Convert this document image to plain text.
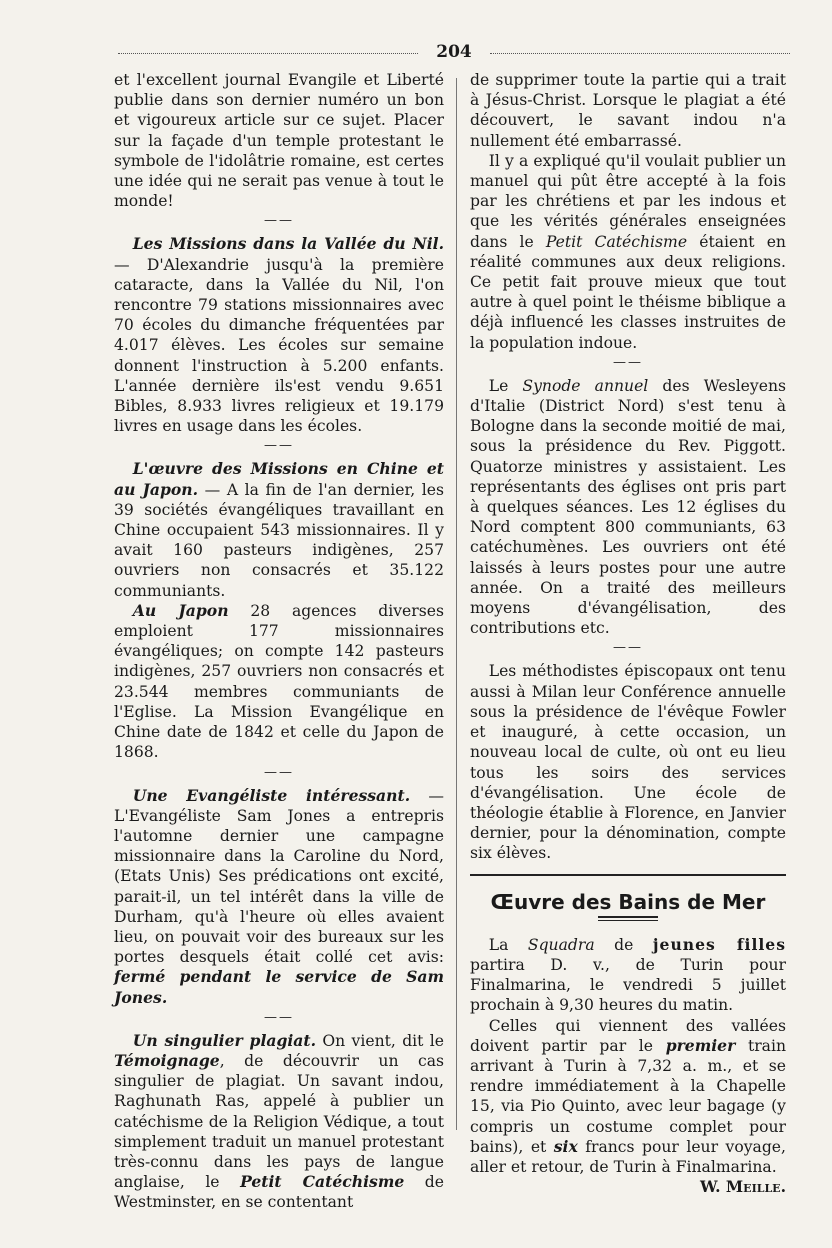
204

et l'excellent journal Evangile et Liberté publie dans son dernier numéro un bon et vigoureux article sur ce sujet. Placer sur la façade d'un temple protestant le symbole de l'idolâtrie romaine, est certes une idée qui ne serait pas venue à tout le monde!

——

Les Missions dans la Vallée du Nil. — D'Alexandrie jusqu'à la première cataracte, dans la Vallée du Nil, l'on rencontre 79 stations missionnaires avec 70 écoles du dimanche fréquentées par 4.017 élèves. Les écoles sur semaine donnent l'instruction à 5.200 enfants. L'année dernière ils'est vendu 9.651 Bibles, 8.933 livres religieux et 19.179 livres en usage dans les écoles.

——

L'œuvre des Missions en Chine et au Japon. — A la fin de l'an dernier, les 39 sociétés évangéliques travaillant en Chine occupaient 543 missionnaires. Il y avait 160 pasteurs indigènes, 257 ouvriers non consacrés et 35.122 communiants.

Au Japon 28 agences diverses emploient 177 missionnaires évangéliques; on compte 142 pasteurs indigènes, 257 ouvriers non consacrés et 23.544 membres communiants de l'Eglise. La Mission Evangélique en Chine date de 1842 et celle du Japon de 1868.

——

Une Evangéliste intéressant. — L'Evangéliste Sam Jones a entrepris l'automne dernier une campagne missionnaire dans la Caroline du Nord, (Etats Unis) Ses prédications ont excité, parait-il, un tel intérêt dans la ville de Durham, qu'à l'heure où elles avaient lieu, on pouvait voir des bureaux sur les portes desquels était collé cet avis: fermé pendant le service de Sam Jones.

——

Un singulier plagiat. On vient, dit le Témoignage, de découvrir un cas singulier de plagiat. Un savant indou, Raghunath Ras, appelé à publier un catéchisme de la Religion Védique, a tout simplement traduit un manuel protestant très-connu dans les pays de langue anglaise, le Petit Catéchisme de Westminster, en se contentant

de supprimer toute la partie qui a trait à Jésus-Christ. Lorsque le plagiat a été découvert, le savant indou n'a nullement été embarrassé.

Il y a expliqué qu'il voulait publier un manuel qui pût être accepté à la fois par les chrétiens et par les indous et que les vérités générales enseignées dans le Petit Catéchisme étaient en réalité communes aux deux religions. Ce petit fait prouve mieux que tout autre à quel point le théisme biblique a déjà influencé les classes instruites de la population indoue.

——

Le Synode annuel des Wesleyens d'Italie (District Nord) s'est tenu à Bologne dans la seconde moitié de mai, sous la présidence du Rev. Piggott. Quatorze ministres y assistaient. Les représentants des églises ont pris part à quelques séances. Les 12 églises du Nord comptent 800 communiants, 63 catéchumènes. Les ouvriers ont été laissés à leurs postes pour une autre année. On a traité des meilleurs moyens d'évangélisation, des contributions etc.

——

Les méthodistes épiscopaux ont tenu aussi à Milan leur Conférence annuelle sous la présidence de l'évêque Fowler et inauguré, à cette occasion, un nouveau local de culte, où ont eu lieu tous les soirs des services d'évangélisation. Une école de théologie établie à Florence, en Janvier dernier, pour la dénomination, compte six élèves.

Œuvre des Bains de Mer

La Squadra de jeunes filles partira D. v., de Turin pour Finalmarina, le vendredi 5 juillet prochain à 9,30 heures du matin.

Celles qui viennent des vallées doivent partir par le premier train arrivant à Turin à 7,32 a. m., et se rendre immédiatement à la Chapelle 15, via Pio Quinto, avec leur bagage (y compris un costume complet pour bains), et six francs pour leur voyage, aller et retour, de Turin à Finalmarina.

W. Meille.
